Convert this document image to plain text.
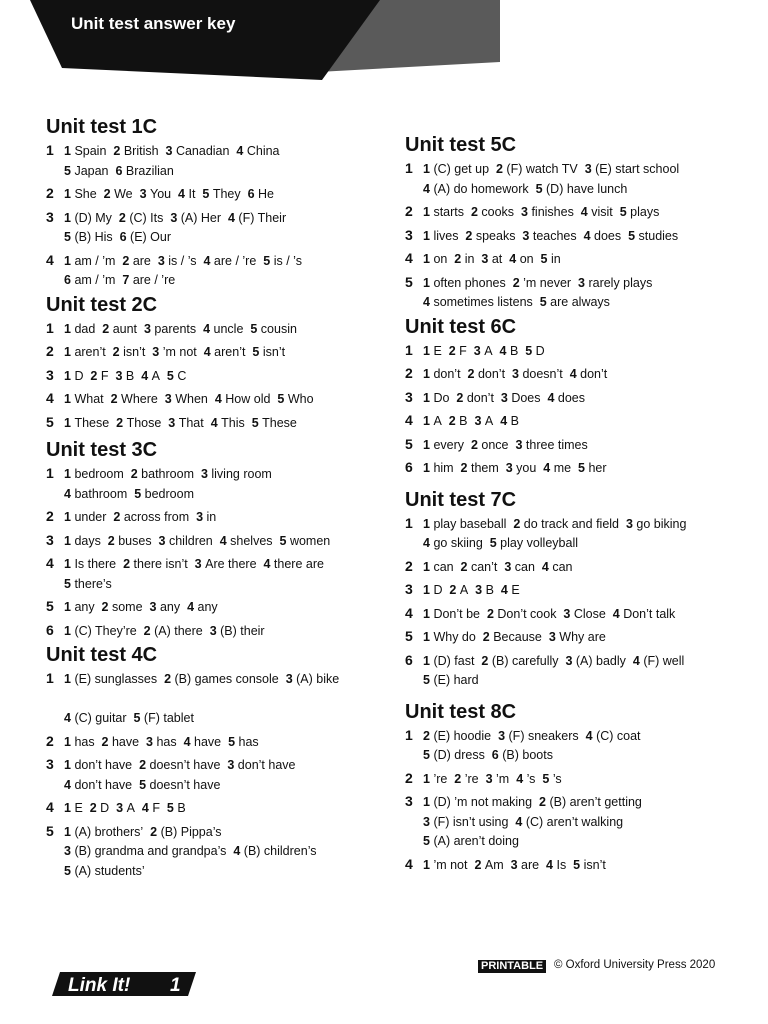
Unit test answer key
Unit test 1C
1 1 Spain 2 British 3 Canadian 4 China
5 Japan 6 Brazilian
2 1 She 2 We 3 You 4 It 5 They 6 He
3 1 (D) My 2 (C) Its 3 (A) Her 4 (F) Their
5 (B) His 6 (E) Our
4 1 am / ’m 2 are 3 is / ’s 4 are / ’re 5 is / ’s
6 am / ’m 7 are / ’re
Unit test 2C
1 1 dad 2 aunt 3 parents 4 uncle 5 cousin
2 1 aren’t 2 isn’t 3 ’m not 4 aren’t 5 isn’t
3 1 D 2 F 3 B 4 A 5 C
4 1 What 2 Where 3 When 4 How old 5 Who
5 1 These 2 Those 3 That 4 This 5 These
Unit test 3C
1 1 bedroom 2 bathroom 3 living room
4 bathroom 5 bedroom
2 1 under 2 across from 3 in
3 1 days 2 buses 3 children 4 shelves 5 women
4 1 Is there 2 there isn’t 3 Are there 4 there are
5 there’s
5 1 any 2 some 3 any 4 any
6 1 (C) They’re 2 (A) there 3 (B) their
Unit test 4C
1 1 (E) sunglasses 2 (B) games console 3 (A) bike

4 (C) guitar 5 (F) tablet
2 1 has 2 have 3 has 4 have 5 has
3 1 don’t have 2 doesn’t have 3 don’t have
4 don’t have 5 doesn’t have
4 1 E 2 D 3 A 4 F 5 B
5 1 (A) brothers’ 2 (B) Pippa’s
3 (B) grandma and grandpa’s 4 (B) children’s
5 (A) students’
Unit test 5C
1 1 (C) get up 2 (F) watch TV 3 (E) start school
4 (A) do homework 5 (D) have lunch
2 1 starts 2 cooks 3 finishes 4 visit 5 plays
3 1 lives 2 speaks 3 teaches 4 does 5 studies
4 1 on 2 in 3 at 4 on 5 in
5 1 often phones 2 ’m never 3 rarely plays
4 sometimes listens 5 are always
Unit test 6C
1 1 E 2 F 3 A 4 B 5 D
2 1 don’t 2 don’t 3 doesn’t 4 don’t
3 1 Do 2 don’t 3 Does 4 does
4 1 A 2 B 3 A 4 B
5 1 every 2 once 3 three times
6 1 him 2 them 3 you 4 me 5 her
Unit test 7C
1 1 play baseball 2 do track and field 3 go biking
4 go skiing 5 play volleyball
2 1 can 2 can’t 3 can 4 can
3 1 D 2 A 3 B 4 E
4 1 Don’t be 2 Don’t cook 3 Close 4 Don’t talk
5 1 Why do 2 Because 3 Why are
6 1 (D) fast 2 (B) carefully 3 (A) badly 4 (F) well
5 (E) hard
Unit test 8C
1 2 (E) hoodie 3 (F) sneakers 4 (C) coat
5 (D) dress 6 (B) boots
2 1 ’re 2 ’re 3 ’m 4 ’s 5 ’s
3 1 (D) ’m not making 2 (B) aren’t getting
3 (F) isn’t using 4 (C) aren’t walking
5 (A) aren’t doing
4 1 ’m not 2 Am 3 are 4 Is 5 isn’t
Link It! 1
PRINTABLE © Oxford University Press 2020
